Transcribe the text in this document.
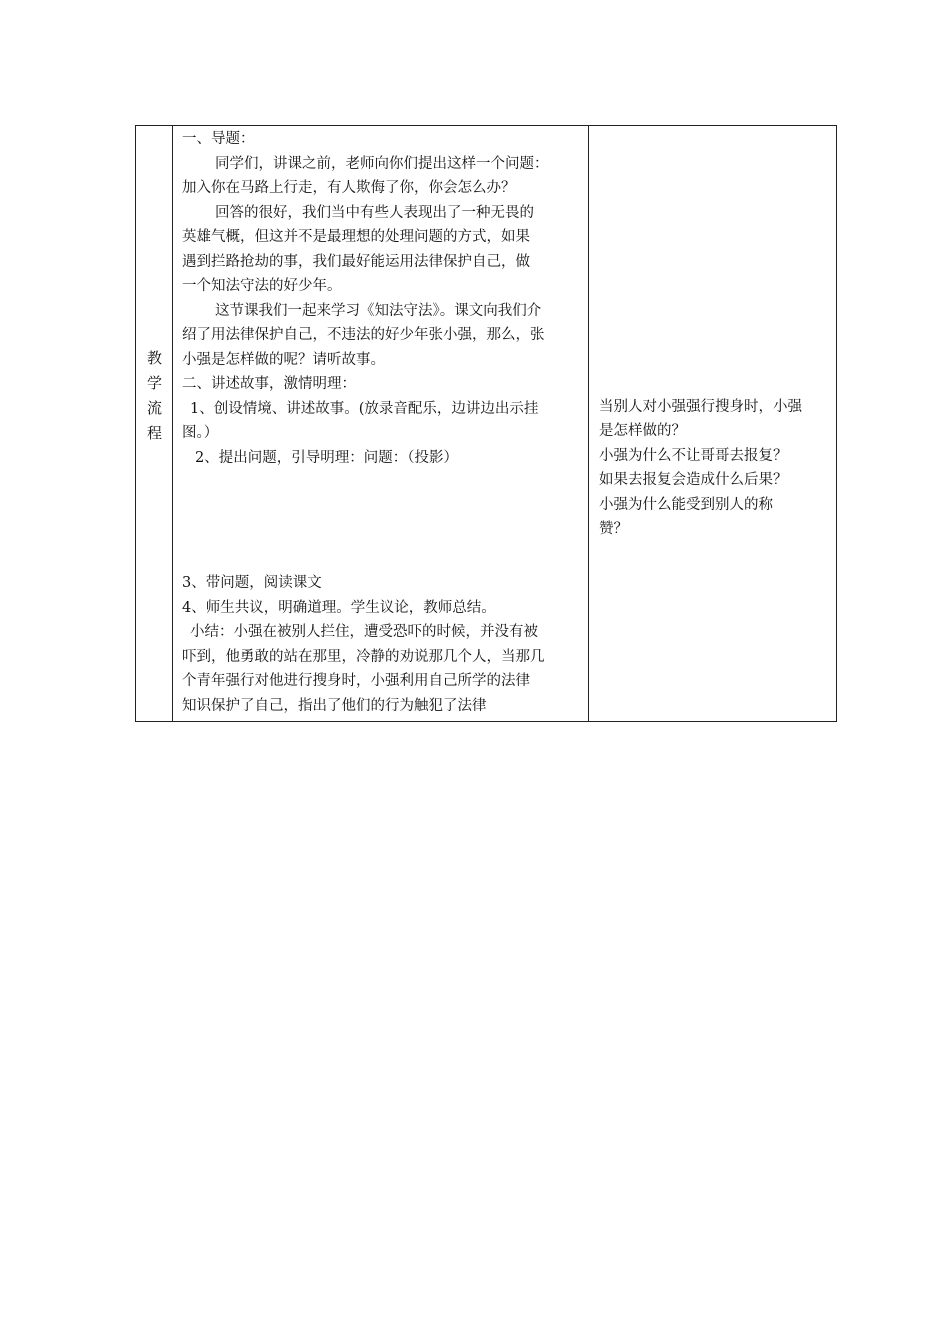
教
学
流
程
一、导题：
同学们，讲课之前，老师向你们提出这样一个问题：
加入你在马路上行走，有人欺侮了你，你会怎么办？
回答的很好，我们当中有些人表现出了一种无畏的
英雄气概，但这并不是最理想的处理问题的方式，如果
遇到拦路抢劫的事，我们最好能运用法律保护自己，做
一个知法守法的好少年。
这节课我们一起来学习《知法守法》。课文向我们介
绍了用法律保护自己，不违法的好少年张小强，那么，张
小强是怎样做的呢？请听故事。
二、讲述故事，激情明理：
1、创设情境、讲述故事。(放录音配乐，边讲边出示挂
图。）
2、提出问题，引导明理：问题：（投影）
3、带问题，阅读课文
4、师生共议，明确道理。学生议论，教师总结。
小结：小强在被别人拦住，遭受恐吓的时候，并没有被
吓到，他勇敢的站在那里，冷静的劝说那几个人，当那几
个青年强行对他进行搜身时，小强利用自己所学的法律
知识保护了自己，指出了他们的行为触犯了法律
当别人对小强强行搜身时，小强
是怎样做的？
小强为什么不让哥哥去报复？
如果去报复会造成什么后果？
小强为什么能受到别人的称
赞？
